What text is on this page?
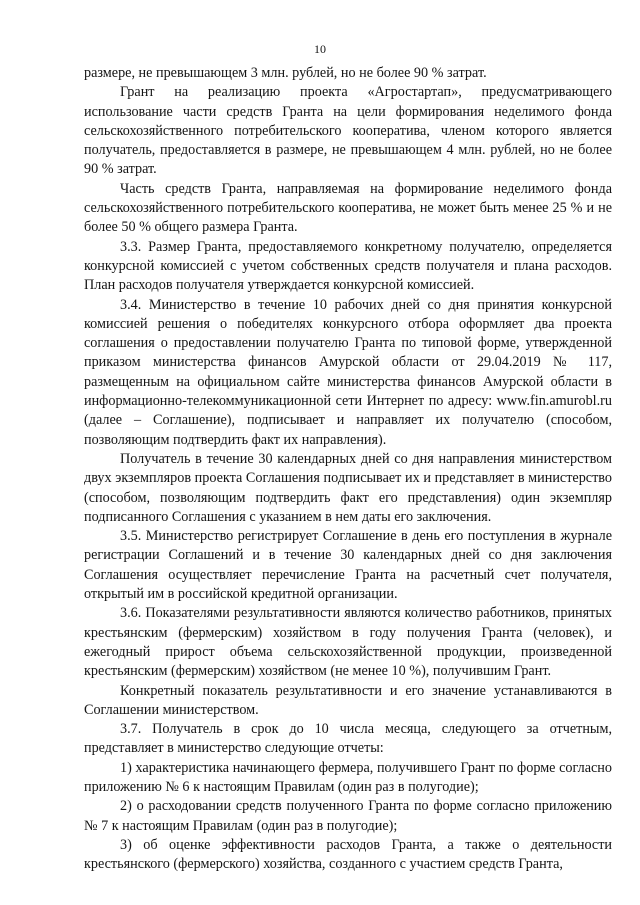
10

размере, не превышающем 3 млн. рублей, но не более 90 % затрат.

Грант на реализацию проекта «Агростартап», предусматривающего использование части средств Гранта на цели формирования неделимого фонда сельскохозяйственного потребительского кооператива, членом которого является получатель, предоставляется в размере, не превышающем 4 млн. рублей, но не более 90 % затрат.

Часть средств Гранта, направляемая на формирование неделимого фонда сельскохозяйственного потребительского кооператива, не может быть менее 25 % и не более 50 % общего размера Гранта.

3.3. Размер Гранта, предоставляемого конкретному получателю, определяется конкурсной комиссией с учетом собственных средств получателя и плана расходов. План расходов получателя утверждается конкурсной комиссией.

3.4. Министерство в течение 10 рабочих дней со дня принятия конкурсной комиссией решения о победителях конкурсного отбора оформляет два проекта соглашения о предоставлении получателю Гранта по типовой форме, утвержденной приказом министерства финансов Амурской области от 29.04.2019 № 117, размещенным на официальном сайте министерства финансов Амурской области в информационно-телекоммуникационной сети Интернет по адресу: www.fin.amurobl.ru (далее – Соглашение), подписывает и направляет их получателю (способом, позволяющим подтвердить факт их направления).

Получатель в течение 30 календарных дней со дня направления министерством двух экземпляров проекта Соглашения подписывает их и представляет в министерство (способом, позволяющим подтвердить факт его представления) один экземпляр подписанного Соглашения с указанием в нем даты его заключения.

3.5. Министерство регистрирует Соглашение в день его поступления в журнале регистрации Соглашений и в течение 30 календарных дней со дня заключения Соглашения осуществляет перечисление Гранта на расчетный счет получателя, открытый им в российской кредитной организации.

3.6. Показателями результативности являются количество работников, принятых крестьянским (фермерским) хозяйством в году получения Гранта (человек), и ежегодный прирост объема сельскохозяйственной продукции, произведенной крестьянским (фермерским) хозяйством (не менее 10 %), получившим Грант.

Конкретный показатель результативности и его значение устанавливаются в Соглашении министерством.

3.7. Получатель в срок до 10 числа месяца, следующего за отчетным, представляет в министерство следующие отчеты:

1) характеристика начинающего фермера, получившего Грант по форме согласно приложению № 6 к настоящим Правилам (один раз в полугодие);

2) о расходовании средств полученного Гранта по форме согласно приложению № 7 к настоящим Правилам (один раз в полугодие);

3) об оценке эффективности расходов Гранта, а также о деятельности крестьянского (фермерского) хозяйства, созданного с участием средств Гранта,
